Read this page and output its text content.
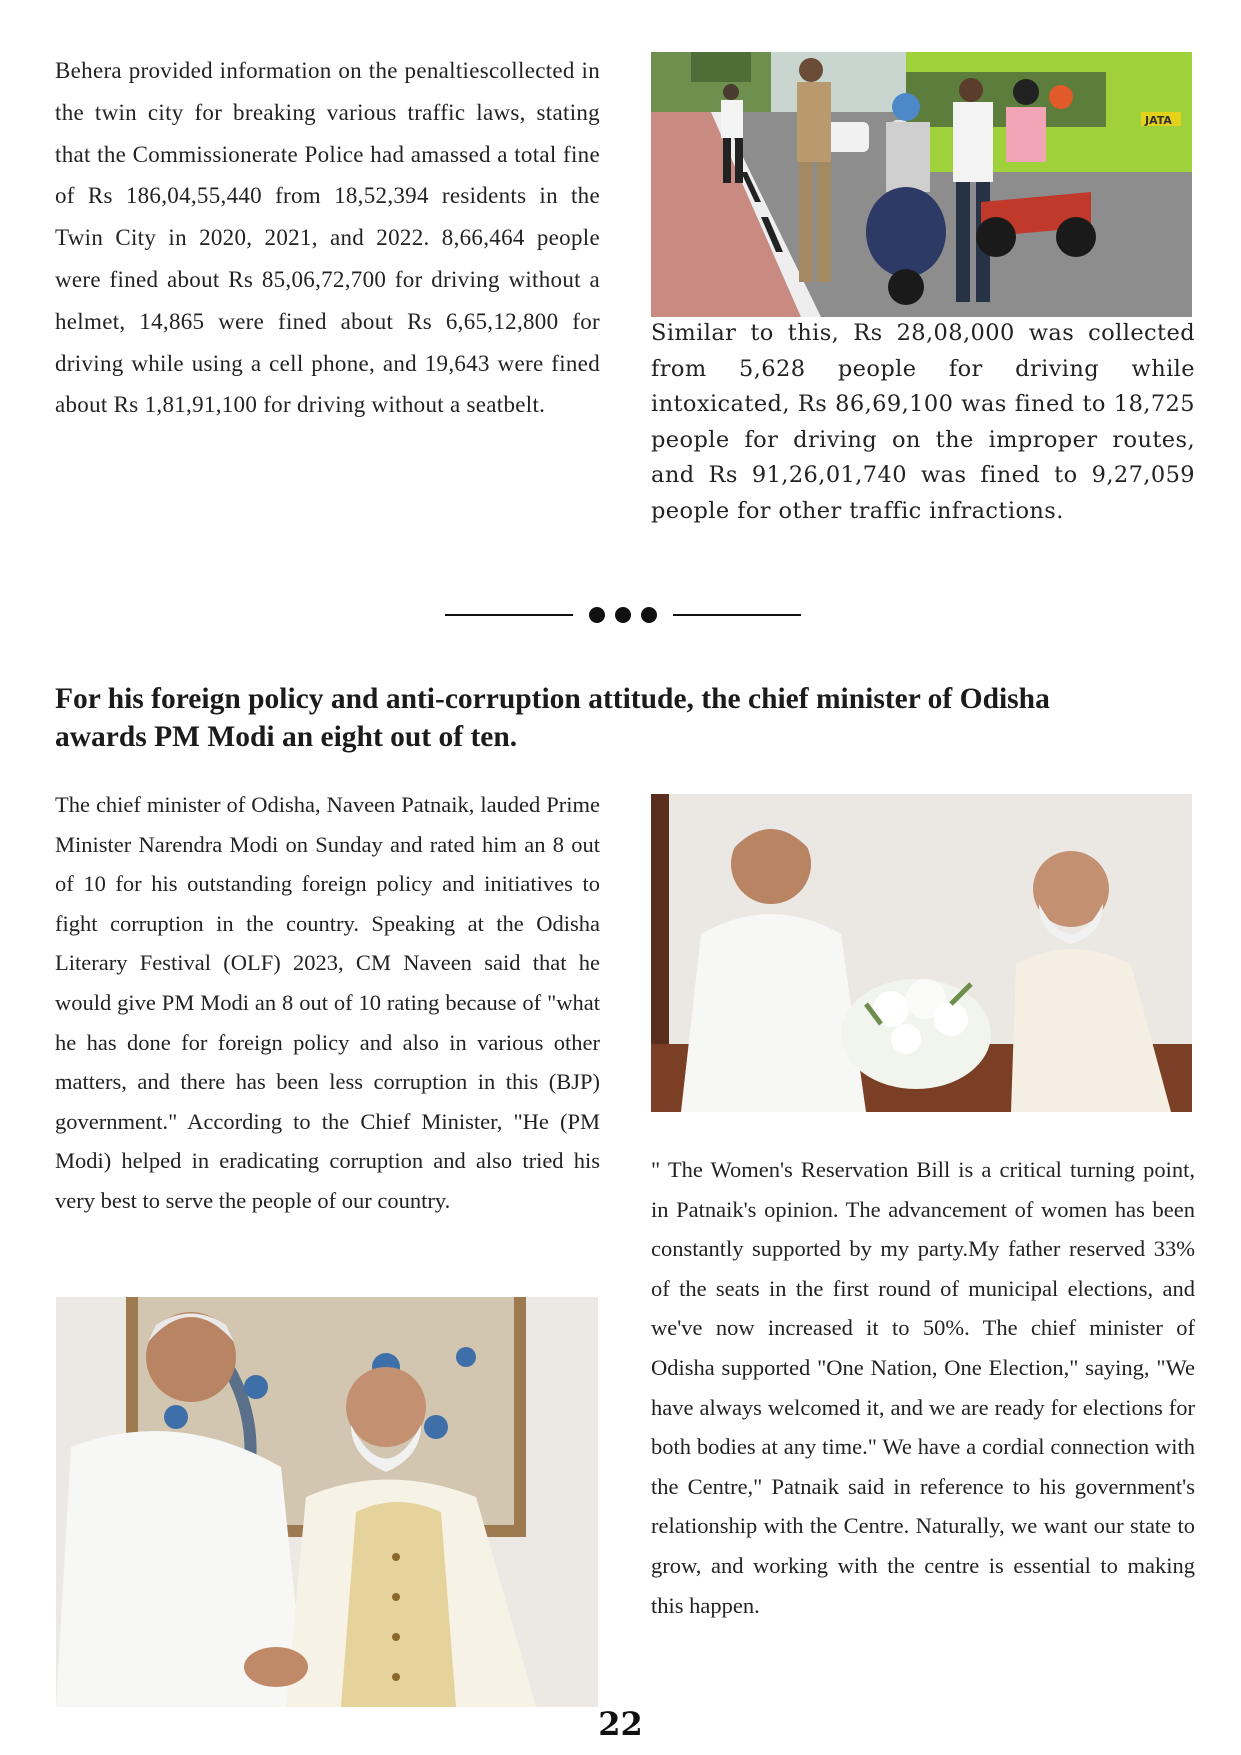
Behera provided information on the penaltiescollected in the twin city for breaking various traffic laws, stating that the Commissionerate Police had amassed a total fine of Rs 186,04,55,440 from 18,52,394 residents in the Twin City in 2020, 2021, and 2022. 8,66,464 people were fined about Rs 85,06,72,700 for driving without a helmet, 14,865 were fined about Rs 6,65,12,800 for driving while using a cell phone, and 19,643 were fined about Rs 1,81,91,100 for driving without a seatbelt.
JATA
Similar to this, Rs 28,08,000 was collected from 5,628 people for driving while intoxicated, Rs 86,69,100 was fined to 18,725 people for driving on the improper routes, and Rs 91,26,01,740 was fined to 9,27,059 people for other traffic infractions.
For his foreign policy and anti-corruption attitude, the chief minister of Odisha awards PM Modi an eight out of ten.
The chief minister of Odisha, Naveen Patnaik, lauded Prime Minister Narendra Modi on Sunday and rated him an 8 out of 10 for his outstanding foreign policy and initiatives to fight corruption in the country. Speaking at the Odisha Literary Festival (OLF) 2023, CM Naveen said that he would give PM Modi an 8 out of 10 rating because of "what he has done for foreign policy and also in various other matters, and there has been less corruption in this (BJP) government." According to the Chief Minister, "He (PM Modi) helped in eradicating corruption and also tried his very best to serve the people of our country.
" The Women's Reservation Bill is a critical turning point, in Patnaik's opinion. The advancement of women has been constantly supported by my party.My father reserved 33% of the seats in the first round of municipal elections, and we've now increased it to 50%. The chief minister of Odisha supported "One Nation, One Election," saying, "We have always welcomed it, and we are ready for elections for both bodies at any time." We have a cordial connection with the Centre," Patnaik said in reference to his government's relationship with the Centre. Naturally, we want our state to grow, and working with the centre is essential to making this happen.
22
